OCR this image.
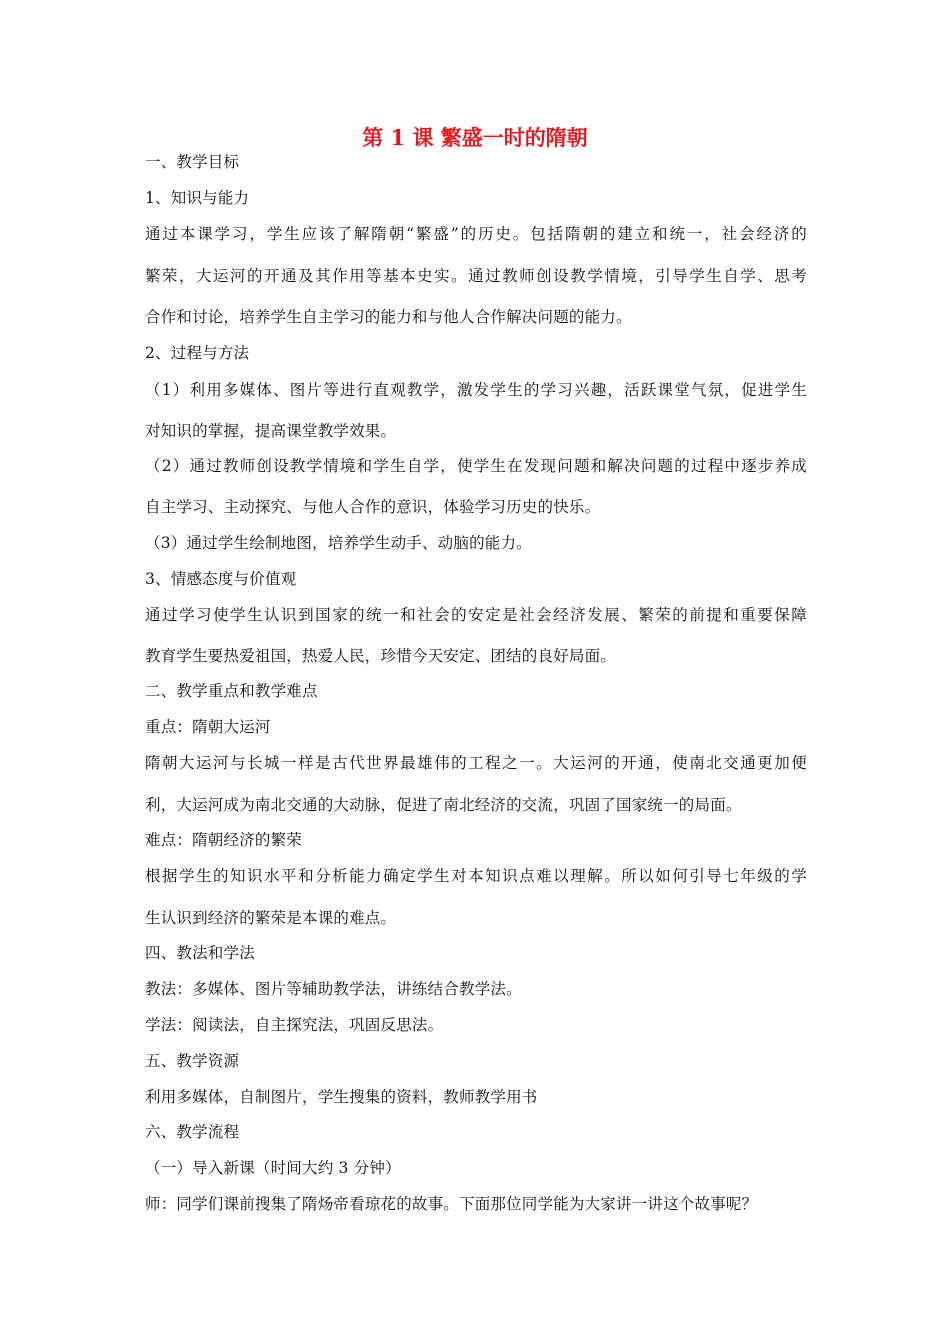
第 1 课 繁盛一时的隋朝
一、教学目标
1、知识与能力
通过本课学习，学生应该了解隋朝“繁盛”的历史。包括隋朝的建立和统一，社会经济的
繁荣，大运河的开通及其作用等基本史实。通过教师创设教学情境，引导学生自学、思考
合作和讨论，培养学生自主学习的能力和与他人合作解决问题的能力。
2、过程与方法
（1）利用多媒体、图片等进行直观教学，激发学生的学习兴趣，活跃课堂气氛，促进学生
对知识的掌握，提高课堂教学效果。
（2）通过教师创设教学情境和学生自学，使学生在发现问题和解决问题的过程中逐步养成
自主学习、主动探究、与他人合作的意识，体验学习历史的快乐。
（3）通过学生绘制地图，培养学生动手、动脑的能力。
3、情感态度与价值观
通过学习使学生认识到国家的统一和社会的安定是社会经济发展、繁荣的前提和重要保障
教育学生要热爱祖国，热爱人民，珍惜今天安定、团结的良好局面。
二、教学重点和教学难点
重点：隋朝大运河
隋朝大运河与长城一样是古代世界最雄伟的工程之一。大运河的开通，使南北交通更加便
利，大运河成为南北交通的大动脉，促进了南北经济的交流，巩固了国家统一的局面。
难点：隋朝经济的繁荣
根据学生的知识水平和分析能力确定学生对本知识点难以理解。所以如何引导七年级的学
生认识到经济的繁荣是本课的难点。
四、教法和学法
教法：多媒体、图片等辅助教学法，讲练结合教学法。
学法：阅读法，自主探究法，巩固反思法。
五、教学资源
利用多媒体，自制图片，学生搜集的资料，教师教学用书
六、教学流程
（一）导入新课（时间大约 3 分钟）
师：同学们课前搜集了隋炀帝看琼花的故事。下面那位同学能为大家讲一讲这个故事呢？
